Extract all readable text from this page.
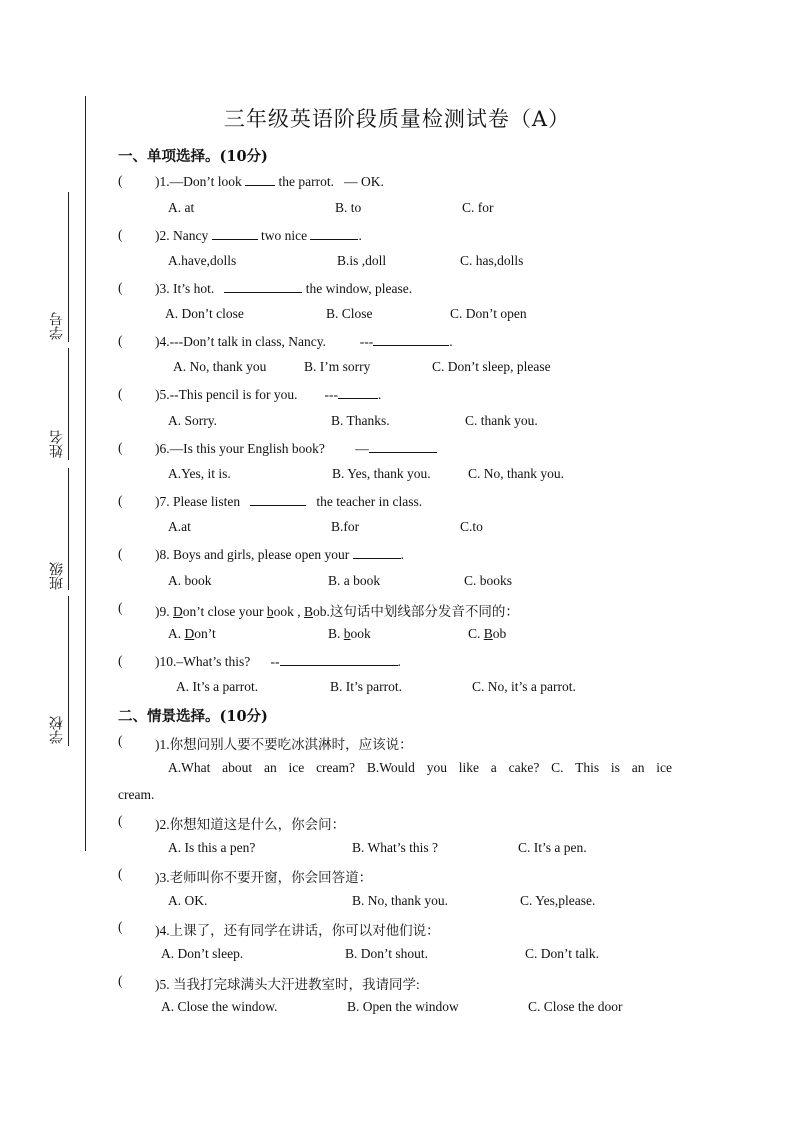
学号
姓名
班级
学校
三年级英语阶段质量检测试卷（A）
一、单项选择。(10分)
( )1.—Don’t look	the parrot. — OK.
A. at	B. to	C. for
( )2. Nancy	two nice	.
A.have,dolls	B.is ,doll	C. has,dolls
( )3. It’s hot.	the window, please.
A. Don’t close	B. Close	C. Don’t open
( )4.---Don’t talk in class, Nancy.	---	.
A. No, thank you	B. I’m sorry	C. Don’t sleep, please
( )5.--This pencil is for you. ---	.
A. Sorry.	B. Thanks.	C. thank you.
( )6.—Is this your English book? —
A.Yes, it is.	B. Yes, thank you.	C. No, thank you.
( )7. Please listen	the teacher in class.
A.at	B.for	C.to
( )8. Boys and girls, please open your	.
A. book	B. a book	C. books
( )9. Don’t close your book , Bob.这句话中划线部分发音不同的：
A. Don’t	B. book	C. Bob
( )10.–What’s this? --	.
A. It’s a parrot.	B. It’s parrot.	C. No, it’s a parrot.
二、情景选择。(10分)
( )1.你想问别人要不要吃冰淇淋时，应该说：
A.What about an ice cream? B.Would you like a cake? C. This is an ice
cream.
( )2.你想知道这是什么，你会问：
A. Is this a pen?	B. What’s this ?	C. It’s a pen.
( )3.老师叫你不要开窗，你会回答道：
A. OK.	B. No, thank you.	C. Yes,please.
( )4.上课了，还有同学在讲话，你可以对他们说：
A. Don’t sleep.	B. Don’t shout.	C. Don’t talk.
( )5. 当我打完球满头大汗进教室时，我请同学:
A. Close the window.	B. Open the window	C. Close the door
